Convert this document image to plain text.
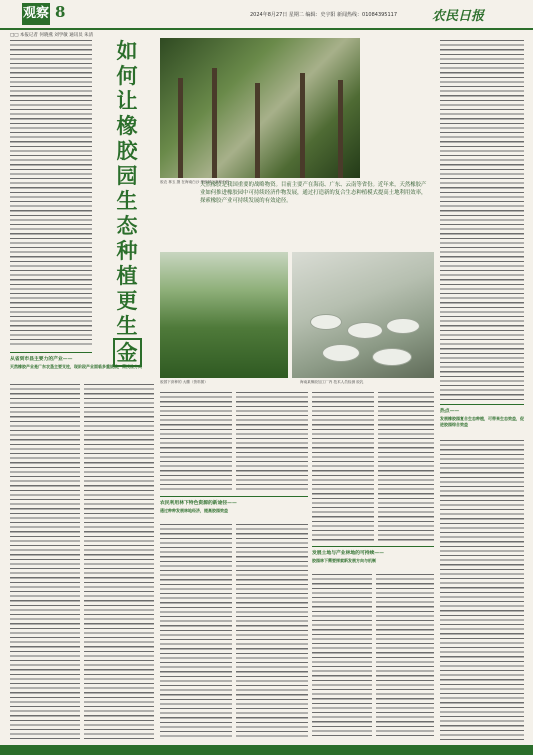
观察 8	2024年8月27日 星期二 编辑：史宇阳 新闻热线：01084395117	农民日报
□□ 本报记者 何晓燕 刘学敏 通讯员 朱清
如
何
让
橡
胶
园
生
态
种
植
更
生
金
胶农 林玉 摄 在海南白沙 橡胶林下套种中药
天然橡胶是我国重要的战略物资。目前主要产在海南、广东、云南等省份。近年来，天然橡胶产业如何推进橡胶园中可持续经济作物发展，通过打造新的复合生态种植模式提高土地利用效率，探索橡胶产业可持续发展的有效途径。
胶园下套种的 大棚（资料图）	海南某橡胶加工厂内 技术人员检测 胶乳
从省到市县主要力的产业——
天然橡胶产业是广东农垦主要支柱，现阶段产业面临多重挑战，需找准方向
农民利用林下特色资源的新途径——
通过种种发展林地经济，提高胶园效益
发展土地与产业林地的可持续——
胶园林下需要探索新发展方向与机制
热点——
发展橡胶园复合生态种植，可带来生态效益，促进胶园综合效益
